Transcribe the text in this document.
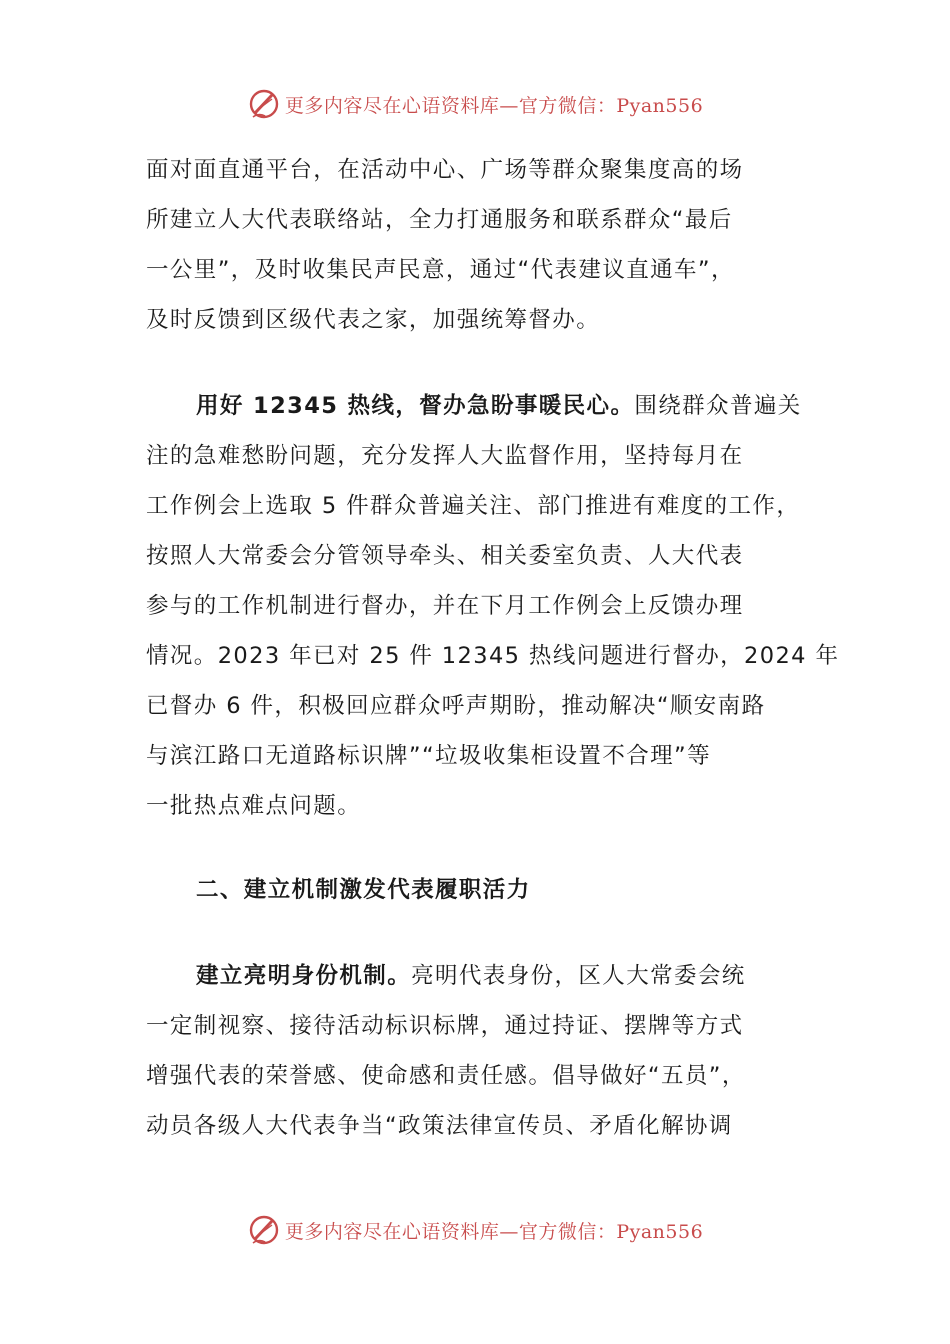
更多内容尽在心语资料库—官方微信：Pyan556
面对面直通平台，在活动中心、广场等群众聚集度高的场
所建立人大代表联络站，全力打通服务和联系群众“最后
一公里”，及时收集民声民意，通过“代表建议直通车”，
及时反馈到区级代表之家，加强统筹督办。
用好 12345 热线，督办急盼事暖民心。围绕群众普遍关
注的急难愁盼问题，充分发挥人大监督作用，坚持每月在
工作例会上选取 5 件群众普遍关注、部门推进有难度的工作，
按照人大常委会分管领导牵头、相关委室负责、人大代表
参与的工作机制进行督办，并在下月工作例会上反馈办理
情况。2023 年已对 25 件 12345 热线问题进行督办，2024 年
已督办 6 件，积极回应群众呼声期盼，推动解决“顺安南路
与滨江路口无道路标识牌”“垃圾收集柜设置不合理”等
一批热点难点问题。
二、建立机制激发代表履职活力
建立亮明身份机制。亮明代表身份，区人大常委会统
一定制视察、接待活动标识标牌，通过持证、摆牌等方式
增强代表的荣誉感、使命感和责任感。倡导做好“五员”，
动员各级人大代表争当“政策法律宣传员、矛盾化解协调
更多内容尽在心语资料库—官方微信：Pyan556
